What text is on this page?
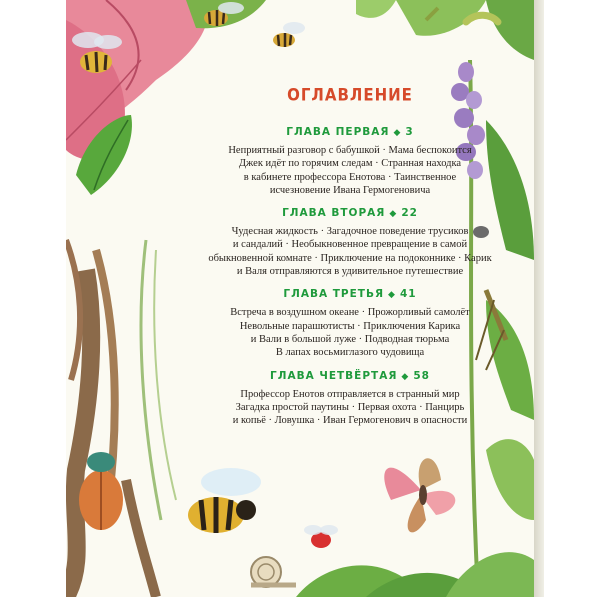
ОГЛАВЛЕНИЕ
ГЛАВА ПЕРВАЯ ◆ 3
Неприятный разговор с бабушкой · Мама беспокоится
Джек идёт по горячим следам · Странная находка
в кабинете профессора Енотова · Таинственное
исчезновение Ивана Гермогеновича
ГЛАВА ВТОРАЯ ◆ 22
Чудесная жидкость · Загадочное поведение трусиков
и сандалий · Необыкновенное превращение в самой
обыкновенной комнате · Приключение на подоконнике · Карик
и Валя отправляются в удивительное путешествие
ГЛАВА ТРЕТЬЯ ◆ 41
Встреча в воздушном океане · Прожорливый самолёт
Невольные парашютисты · Приключения Карика
и Вали в большой луже · Подводная тюрьма
В лапах восьмиглазого чудовища
ГЛАВА ЧЕТВЁРТАЯ ◆ 58
Профессор Енотов отправляется в странный мир
Загадка простой паутины · Первая охота · Панцирь
и копьё · Ловушка · Иван Гермогенович в опасности
